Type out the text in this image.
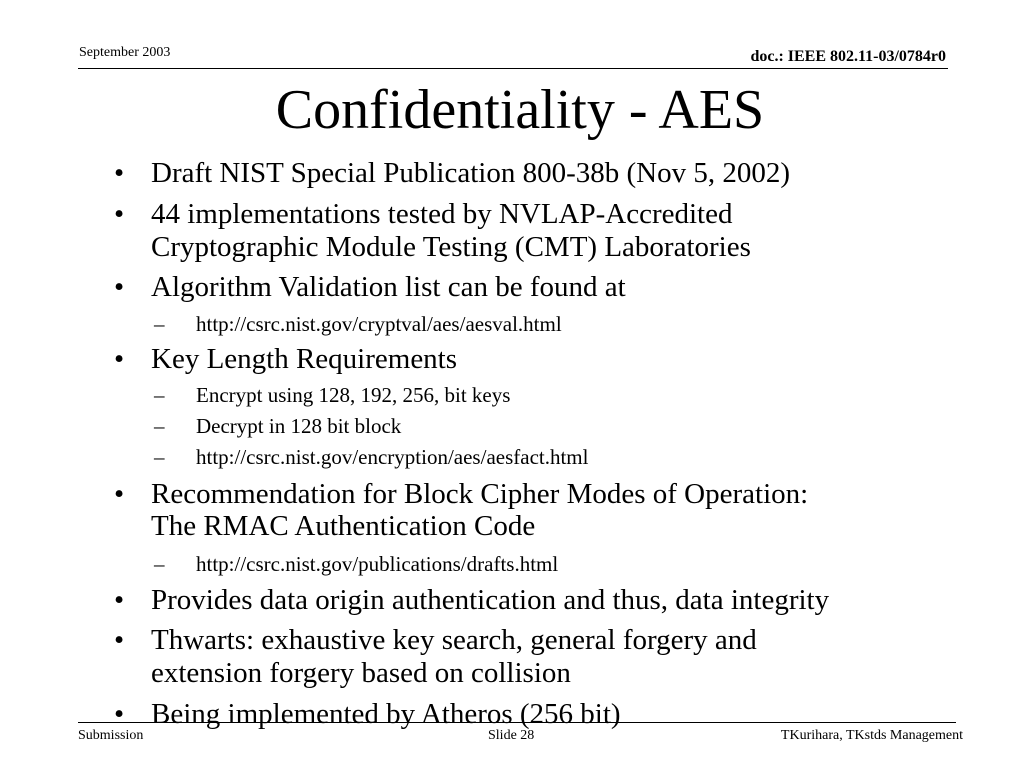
September 2003	doc.: IEEE 802.11-03/0784r0
Confidentiality - AES
• Draft NIST Special Publication 800-38b (Nov 5, 2002)
• 44 implementations tested by NVLAP-Accredited
Cryptographic Module Testing (CMT) Laboratories
• Algorithm Validation list can be found at
– http://csrc.nist.gov/cryptval/aes/aesval.html
• Key Length Requirements
– Encrypt using 128, 192, 256, bit keys
– Decrypt in 128 bit block
– http://csrc.nist.gov/encryption/aes/aesfact.html
• Recommendation for Block Cipher Modes of Operation:
The RMAC Authentication Code
– http://csrc.nist.gov/publications/drafts.html
• Provides data origin authentication and thus, data integrity
• Thwarts: exhaustive key search, general forgery and
extension forgery based on collision
• Being implemented by Atheros (256 bit)
Submission	Slide 28	TKurihara, TKstds Management
